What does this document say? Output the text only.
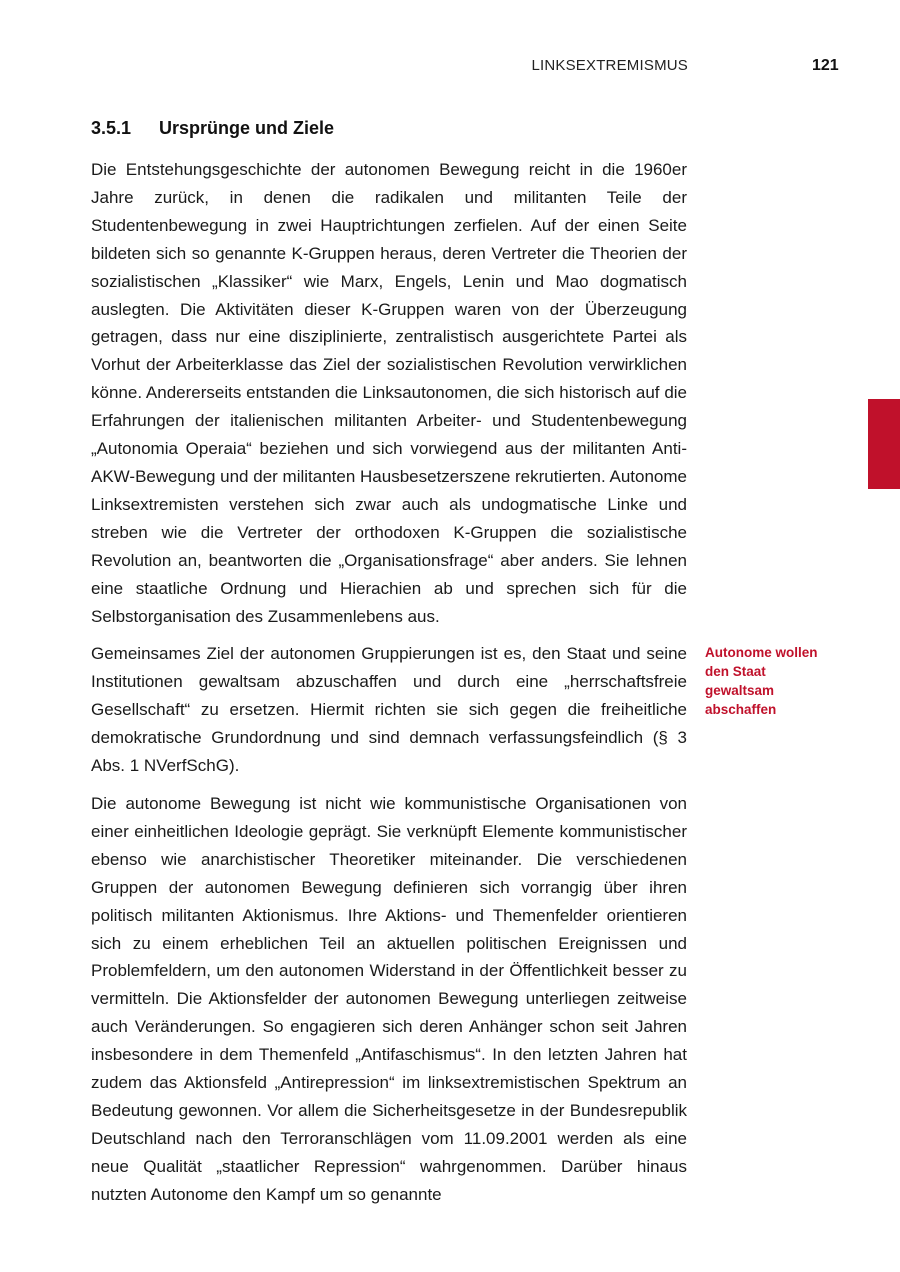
LINKSEXTREMISMUS	121
3.5.1 Ursprünge und Ziele

Die Entstehungsgeschichte der autonomen Bewegung reicht in die 1960er Jahre zurück, in denen die radikalen und militanten Teile der Studentenbewegung in zwei Hauptrichtungen zerfielen. Auf der einen Seite bildeten sich so genannte K-Gruppen heraus, deren Vertreter die Theorien der sozialistischen „Klassiker“ wie Marx, Engels, Lenin und Mao dogmatisch auslegten. Die Aktivitäten dieser K-Gruppen waren von der Überzeugung getragen, dass nur eine disziplinierte, zentralistisch ausgerichtete Partei als Vorhut der Arbeiterklasse das Ziel der sozialistischen Revolution verwirklichen könne. Andererseits entstanden die Linksautonomen, die sich historisch auf die Erfahrungen der italienischen militanten Arbeiter- und Studentenbewegung „Autonomia Operaia“ beziehen und sich vorwiegend aus der militanten Anti-AKW-Bewegung und der militanten Hausbesetzerszene rekrutierten. Autonome Linksextremisten verstehen sich zwar auch als undogmatische Linke und streben wie die Vertreter der orthodoxen K-Gruppen die sozialistische Revolution an, beantworten die „Organisationsfrage“ aber anders. Sie lehnen eine staatliche Ordnung und Hierachien ab und sprechen sich für die Selbstorganisation des Zusammenlebens aus.

Gemeinsames Ziel der autonomen Gruppierungen ist es, den Staat und seine Institutionen gewaltsam abzuschaffen und durch eine „herrschaftsfreie Gesellschaft“ zu ersetzen. Hiermit richten sie sich gegen die freiheitliche demokratische Grundordnung und sind demnach verfassungsfeindlich (§ 3 Abs. 1 NVerfSchG).

Die autonome Bewegung ist nicht wie kommunistische Organisationen von einer einheitlichen Ideologie geprägt. Sie verknüpft Elemente kommunistischer ebenso wie anarchistischer Theoretiker miteinander. Die verschiedenen Gruppen der autonomen Bewegung definieren sich vorrangig über ihren politisch militanten Aktionismus. Ihre Aktions- und Themenfelder orientieren sich zu einem erheblichen Teil an aktuellen politischen Ereignissen und Problemfeldern, um den autonomen Widerstand in der Öffentlichkeit besser zu vermitteln. Die Aktionsfelder der autonomen Bewegung unterliegen zeitweise auch Veränderungen. So engagieren sich deren Anhänger schon seit Jahren insbesondere in dem Themenfeld „Antifaschismus“. In den letzten Jahren hat zudem das Aktionsfeld „Antirepression“ im linksextremistischen Spektrum an Bedeutung gewonnen. Vor allem die Sicherheitsgesetze in der Bundesrepublik Deutschland nach den Terroranschlägen vom 11.09.2001 werden als eine neue Qualität „staatlicher Repression“ wahrgenommen. Darüber hinaus nutzten Autonome den Kampf um so genannte

Autonome wollen den Staat gewaltsam abschaffen
